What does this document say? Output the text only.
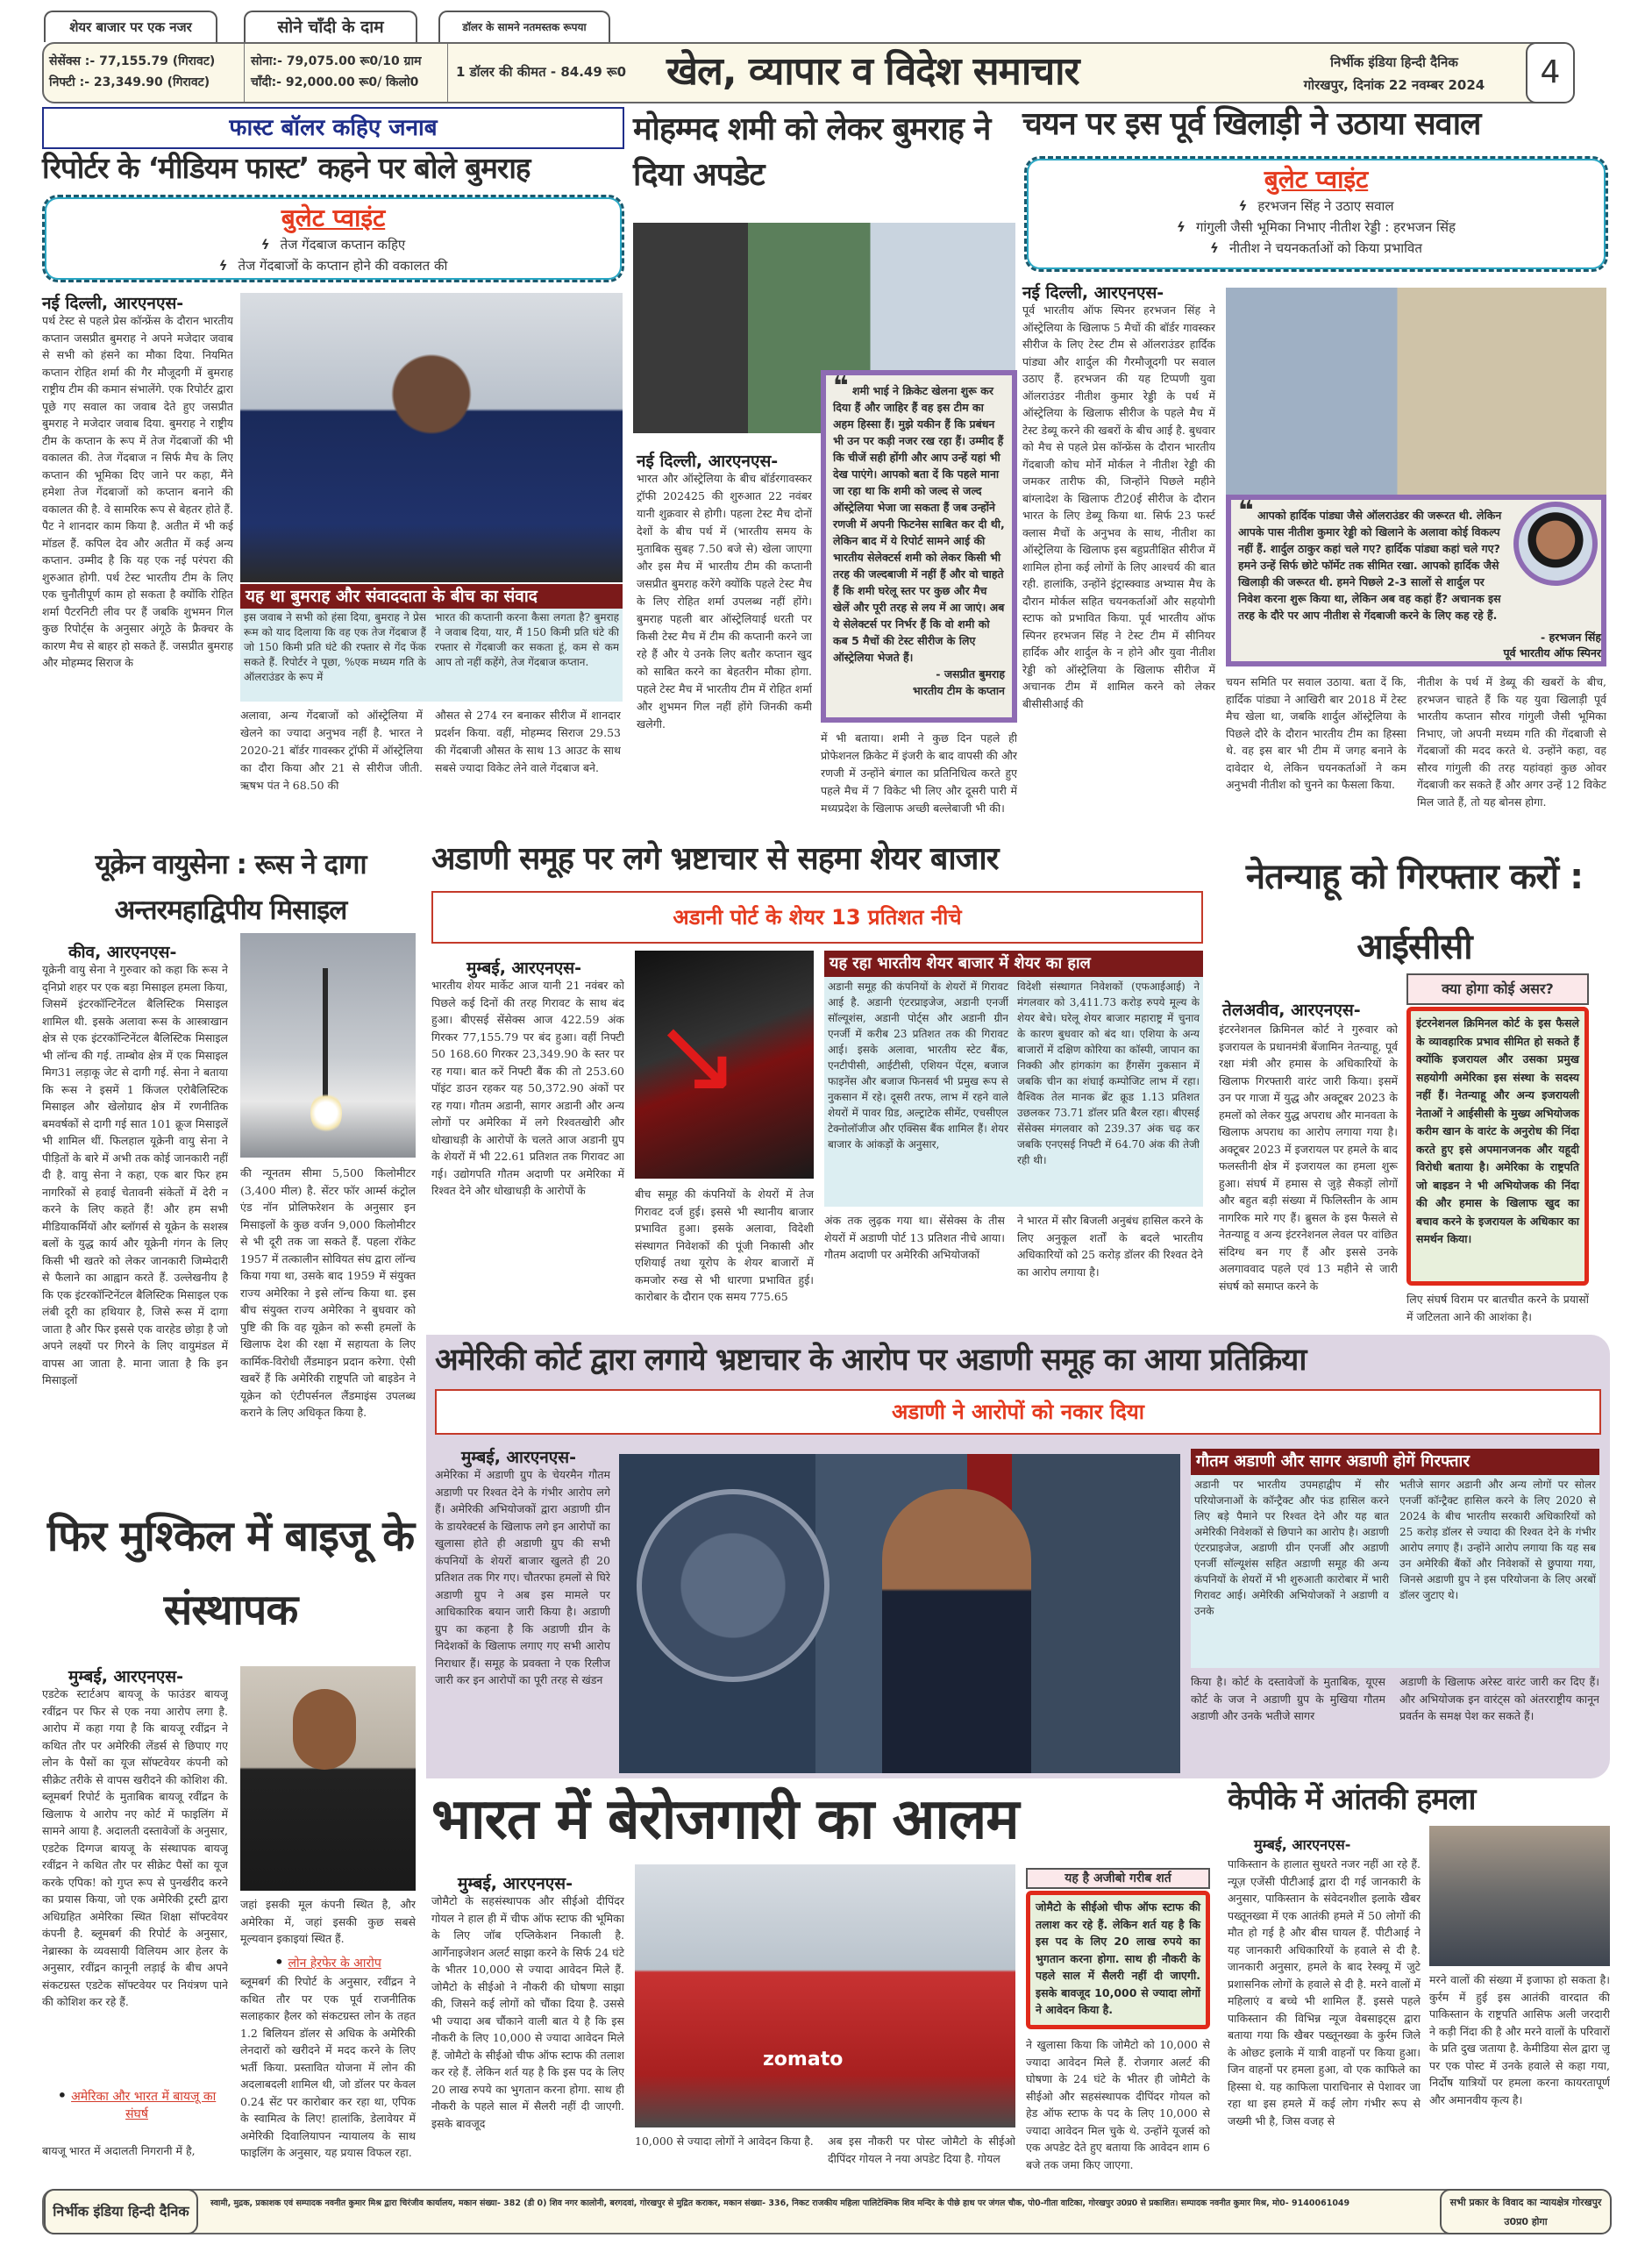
शेयर बाजार पर एक नजर	सोने चाँदी के दाम	डॉलर के सामने नतमस्तक रूपया
सेसेंक्स :- 77,155.79 (गिरावट)
निफ्टी :- 23,349.90 (गिरावट)
सोना:- 79,075.00 रू0/10 ग्राम
चाँदी:- 92,000.00 रू0/ किलो0
1 डॉलर की कीमत - 84.49 रू0 खेल, व्यापार व विदेश समाचार	निर्भीक इंडिया हिन्दी दैनिक
गोरखपुर, दिनांक 22 नवम्बर 2024	4
फास्ट बॉलर कहिए जनाब
रिपोर्टर के ‘मीडियम फास्ट’ कहने पर बोले बुमराह
बुलेट प्वाइंट
ϟ तेज गेंदबाज कप्तान कहिए
ϟ तेज गेंदबाजों के कप्तान होने की वकालत की
नई दिल्ली, आरएनएस-
पर्थ टेस्ट से पहले प्रेस कॉन्फ्रेंस के दौरान भारतीय कप्तान जसप्रीत बुमराह ने अपने मजेदार जवाब से सभी को हंसने का मौका दिया. नियमित कप्तान रोहित शर्मा की गैर मौजूदगी में बुमराह राष्ट्रीय टीम की कमान संभालेंगे. एक रिपोर्टर द्वारा पूछे गए सवाल का जवाब देते हुए जसप्रीत बुमराह ने मजेदार जवाब दिया. बुमराह ने राष्ट्रीय टीम के कप्तान के रूप में तेज गेंदबाजों की भी वकालत की. तेज गेंदबाज न सिर्फ मैच के लिए कप्तान की भूमिका दिए जाने पर कहा, मैंने हमेशा तेज गेंदबाजों को कप्तान बनाने की वकालत की है. वे सामरिक रूप से बेहतर होते हैं. पैट ने शानदार काम किया है. अतीत में भी कई मॉडल हैं. कपिल देव और अतीत में कई अन्य कप्तान. उम्मीद है कि यह एक नई परंपरा की शुरुआत होगी. पर्थ टेस्ट भारतीय टीम के लिए एक चुनौतीपूर्ण काम हो सकता है क्योंकि रोहित शर्मा पैटरनिटी लीव पर हैं जबकि शुभमन गिल कुछ रिपोर्ट्स के अनुसार अंगूठे के फ्रैक्चर के कारण मैच से बाहर हो सकते हैं. जसप्रीत बुमराह और मोहम्मद सिराज के
यह था बुमराह और संवाददाता के बीच का संवाद
इस जवाब ने सभी को हंसा दिया, बुमराह ने प्रेस रूम को याद दिलाया कि वह एक तेज गेंदबाज हैं जो 150 किमी प्रति घंटे की रफ्तार से गेंद फेंक सकते हैं. रिपोर्टर ने पूछा, %एक मध्यम गति के ऑलराउंडर के रूप में
भारत की कप्तानी करना कैसा लगता है? बुमराह ने जवाब दिया, यार, मैं 150 किमी प्रति घंटे की रफ्तार से गेंदबाजी कर सकता हूं, कम से कम आप तो नहीं कहेंगे, तेज गेंदबाज कप्तान.
अलावा, अन्य गेंदबाजों को ऑस्ट्रेलिया में खेलने का ज्यादा अनुभव नहीं है. भारत ने 2020-21 बॉर्डर गावस्कर ट्रॉफी में ऑस्ट्रेलिया का दौरा किया और 21 से सीरीज जीती. ऋषभ पंत ने 68.50 की
औसत से 274 रन बनाकर सीरीज में शानदार प्रदर्शन किया. वहीं, मोहम्मद सिराज 29.53 की गेंदबाजी औसत के साथ 13 आउट के साथ सबसे ज्यादा विकेट लेने वाले गेंदबाज बने.
मोहम्मद शमी को लेकर बुमराह ने दिया अपडेट
नई दिल्ली, आरएनएस-
भारत और ऑस्ट्रेलिया के बीच बॉर्डरगावस्कर ट्रॉफी 202425 की शुरुआत 22 नवंबर यानी शुक्रवार से होगी। पहला टेस्ट मैच दोनों देशों के बीच पर्थ में (भारतीय समय के मुताबिक सुबह 7.50 बजे से) खेला जाएगा और इस मैच में भारतीय टीम की कप्तानी जसप्रीत बुमराह करेंगे क्योंकि पहले टेस्ट मैच के लिए रोहित शर्मा उपलब्ध नहीं होंगे। बुमराह पहली बार ऑस्ट्रेलियाई धरती पर किसी टेस्ट मैच में टीम की कप्तानी करने जा रहे हैं और ये उनके लिए बतौर कप्तान खुद को साबित करने का बेहतरीन मौका होगा. पहले टेस्ट मैच में भारतीय टीम में रोहित शर्मा और शुभमन गिल नहीं होंगे जिनकी कमी खलेगी.
❝ शमी भाई ने क्रिकेट खेलना शुरू कर दिया हैं और जाहिर हैं वह इस टीम का अहम हिस्सा हैं। मुझे यकीन हैं कि प्रबंधन भी उन पर कड़ी नजर रख रहा हैं। उम्मीद हैं कि चीजें सही होंगी और आप उन्हें यहां भी देख पाएंगे। आपको बता दें कि पहले माना जा रहा था कि शमी को जल्द से जल्द ऑस्ट्रेलिया भेजा जा सकता हैं जब उन्होंने रणजी में अपनी फिटनेस साबित कर दी थी, लेकिन बाद में ये रिपोर्ट सामने आई की भारतीय सेलेक्टर्स शमी को लेकर किसी भी तरह की जल्दबाजी में नहीं हैं और वो चाहते हैं कि शमी घरेलू स्तर पर कुछ और मैच खेलें और पूरी तरह से लय में आ जाएं। अब ये सेलेक्टर्स पर निर्भर हैं कि वो शमी को कब 5 मैचों की टेस्ट सीरीज के लिए ऑस्ट्रेलिया भेजते हैं।
- जसप्रीत बुमराह
भारतीय टीम के कप्तान
में भी बताया। शमी ने कुछ दिन पहले ही प्रोफेशनल क्रिकेट में इंजरी के बाद वापसी की और रणजी में उन्होंने बंगाल का प्रतिनिधित्व करते हुए पहले मैच में 7 विकेट भी लिए और दूसरी पारी में मध्यप्रदेश के खिलाफ अच्छी बल्लेबाजी भी की।
चयन पर इस पूर्व खिलाड़ी ने उठाया सवाल
बुलेट प्वाइंट
ϟ हरभजन सिंह ने उठाए सवाल
ϟ गांगुली जैसी भूमिका निभाए नीतीश रेड्डी : हरभजन सिंह
ϟ नीतीश ने चयनकर्ताओं को किया प्रभावित
नई दिल्ली, आरएनएस-
पूर्व भारतीय ऑफ स्पिनर हरभजन सिंह ने ऑस्ट्रेलिया के खिलाफ 5 मैचों की बॉर्डर गावस्कर सीरीज के लिए टेस्ट टीम से ऑलराउंडर हार्दिक पांड्या और शार्दुल की गैरमौजूदगी पर सवाल उठाए हैं. हरभजन की यह टिप्पणी युवा ऑलराउंडर नीतीश कुमार रेड्डी के पर्थ में ऑस्ट्रेलिया के खिलाफ सीरीज के पहले मैच में टेस्ट डेब्यू करने की खबरों के बीच आई है. बुधवार को मैच से पहले प्रेस कॉन्फ्रेंस के दौरान भारतीय गेंदबाजी कोच मोर्ने मोर्कल ने नीतीश रेड्डी की जमकर तारीफ की, जिन्होंने पिछले महीने बांग्लादेश के खिलाफ टी20ई सीरीज के दौरान भारत के लिए डेब्यू किया था. सिर्फ 23 फर्स्ट क्लास मैचों के अनुभव के साथ, नीतीश का ऑस्ट्रेलिया के खिलाफ इस बहुप्रतीक्षित सीरीज में शामिल होना कई लोगों के लिए आश्चर्य की बात रही. हालांकि, उन्होंने इंट्रास्क्वाड अभ्यास मैच के दौरान मोर्कल सहित चयनकर्ताओं और सहयोगी स्टाफ को प्रभावित किया. पूर्व भारतीय ऑफ स्पिनर हरभजन सिंह ने टेस्ट टीम में सीनियर हार्दिक और शार्दुल के न होने और युवा नीतीश रेड्डी को ऑस्ट्रेलिया के खिलाफ सीरीज में अचानक टीम में शामिल करने को लेकर बीसीसीआई की
❝ आपको हार्दिक पांड्या जैसे ऑलराउंडर की जरूरत थी. लेकिन आपके पास नीतीश कुमार रेड्डी को खिलाने के अलावा कोई विकल्प नहीं हैं. शार्दुल ठाकुर कहां चले गए? हार्दिक पांड्या कहां चले गए? हमने उन्हें सिर्फ छोटे फॉर्मेट तक सीमित रखा. आपको हार्दिक जैसे खिलाड़ी की जरूरत थी. हमने पिछले 2-3 सालों से शार्दुल पर निवेश करना शुरू किया था, लेकिन अब वह कहां हैं? अचानक इस तरह के दौरे पर आप नीतीश से गेंदबाजी करने के लिए कह रहे हैं.
- हरभजन सिंह
पूर्व भारतीय ऑफ स्पिनर
चयन समिति पर सवाल उठाया. बता दें कि, हार्दिक पांड्या ने आखिरी बार 2018 में टेस्ट मैच खेला था, जबकि शार्दुल ऑस्ट्रेलिया के पिछले दौरे के दौरान भारतीय टीम का हिस्सा थे. वह इस बार भी टीम में जगह बनाने के दावेदार थे, लेकिन चयनकर्ताओं ने कम अनुभवी नीतीश को चुनने का फैसला किया.
नीतीश के पर्थ में डेब्यू की खबरों के बीच, हरभजन चाहते हैं कि यह युवा खिलाड़ी पूर्व भारतीय कप्तान सौरव गांगुली जैसी भूमिका निभाए, जो अपनी मध्यम गति की गेंदबाजी से गेंदबाजों की मदद करते थे. उन्होंने कहा, वह सौरव गांगुली की तरह यहांवहां कुछ ओवर गेंदबाजी कर सकते हैं और अगर उन्हें 12 विकेट मिल जाते हैं, तो यह बोनस होगा.
यूक्रेन वायुसेना : रूस ने दागा अन्तरमहाद्विपीय मिसाइल
कीव, आरएनएस-
यूक्रेनी वायु सेना ने गुरुवार को कहा कि रूस ने द्निप्रो शहर पर एक बड़ा मिसाइल हमला किया, जिसमें इंटरकॉन्टिनेंटल बैलिस्टिक मिसाइल शामिल थी. इसके अलावा रूस के आस्त्राखान क्षेत्र से एक इंटरकॉन्टिनेंटल बैलिस्टिक मिसाइल भी लॉन्च की गई. ताम्बोव क्षेत्र में एक मिसाइल मिग31 लड़ाकू जेट से दागी गई. सेना ने बताया कि रूस ने इसमें 1 किंजल एरोबैलिस्टिक मिसाइल और खेलोग्राद क्षेत्र में रणनीतिक बमवर्षकों से दागी गई सात 101 क्रूज मिसाइलें भी शामिल थीं. फिलहाल यूक्रेनी वायु सेना ने पीड़ितों के बारे में अभी तक कोई जानकारी नहीं दी है. वायु सेना ने कहा, एक बार फिर हम नागरिकों से हवाई चेतावनी संकेतों में देरी न करने के लिए कहते हैं! और हम सभी मीडियाकर्मियों और ब्लॉगर्स से यूक्रेन के सशस्त्र बलों के युद्ध कार्य और यूक्रेनी गंगन के लिए किसी भी खतरे को लेकर जानकारी जिम्मेदारी से फैलाने का आह्वान करते हैं. उल्लेखनीय है कि एक इंटरकॉन्टिनेंटल बैलिस्टिक मिसाइल एक लंबी दूरी का हथियार है, जिसे रूस में दागा जाता है और फिर इससे एक वारहेड छोड़ा है जो अपने लक्ष्यों पर गिरने के लिए वायुमंडल में वापस आ जाता है. माना जाता है कि इन मिसाइलों
की न्यूनतम सीमा 5,500 किलोमीटर (3,400 मील) है. सेंटर फॉर आर्म्स कंट्रोल एंड नॉन प्रोलिफरेशन के अनुसार इन मिसाइलों के कुछ वर्जन 9,000 किलोमीटर से भी दूरी तक जा सकते हैं. पहला रॉकेट 1957 में तत्कालीन सोवियत संघ द्वारा लॉन्च किया गया था, उसके बाद 1959 में संयुक्त राज्य अमेरिका ने इसे लॉन्च किया था. इस बीच संयुक्त राज्य अमेरिका ने बुधवार को पुष्टि की कि वह यूक्रेन को रूसी हमलों के खिलाफ देश की रक्षा में सहायता के लिए कार्मिक-विरोधी लैंडमाइन प्रदान करेगा. ऐसी खबरें हैं कि अमेरिकी राष्ट्रपति जो बाइडेन ने यूक्रेन को एंटीपर्सनल लैंडमाइंस उपलब्ध कराने के लिए अधिकृत किया है.
अडाणी समूह पर लगे भ्रष्टाचार से सहमा शेयर बाजार
अडानी पोर्ट के शेयर 13 प्रतिशत नीचे
मुम्बई, आरएनएस-
भारतीय शेयर मार्केट आज यानी 21 नवंबर को पिछले कई दिनों की तरह गिरावट के साथ बंद हुआ। बीएसई सेंसेक्स आज 422.59 अंक गिरकर 77,155.79 पर बंद हुआ। वहीं निफ्टी 50 168.60 गिरकर 23,349.90 के स्तर पर रह गया। बात करें निफ्टी बैंक की तो 253.60 पॉइंट डाउन रहकर यह 50,372.90 अंकों पर रह गया। गौतम अडानी, सागर अडानी और अन्य लोगों पर अमेरिका में लगे रिश्वतखोरी और धोखाधड़ी के आरोपों के चलते आज अडानी ग्रुप के शेयरों में भी 22.61 प्रतिशत तक गिरावट आ गई। उद्योगपति गौतम अदाणी पर अमेरिका में रिश्वत देने और धोखाधड़ी के आरोपों के
↘
बीच समूह की कंपनियों के शेयरों में तेज गिरावट दर्ज हुई। इससे भी स्थानीय बाजार प्रभावित हुआ। इसके अलावा, विदेशी संस्थागत निवेशकों की पूंजी निकासी और एशियाई तथा यूरोप के शेयर बाजारों में कमजोर रुख से भी धारणा प्रभावित हुई। कारोबार के दौरान एक समय 775.65
यह रहा भारतीय शेयर बाजार में शेयर का हाल
अडानी समूह की कंपनियों के शेयरों में गिरावट आई है. अडानी एंटरप्राइजेज, अडानी एनर्जी सॉल्यूशंस, अडानी पोर्ट्स और अडानी ग्रीन एनर्जी में करीब 23 प्रतिशत तक की गिरावट आई। इसके अलावा, भारतीय स्टेट बैंक, एनटीपीसी, आईटीसी, एशियन पेंट्स, बजाज फाइनेंस और बजाज फिनसर्व भी प्रमुख रूप से नुकसान में रहे। दूसरी तरफ, लाभ में रहने वाले शेयरों में पावर ग्रिड, अल्ट्राटेक सीमेंट, एचसीएल टेक्नोलॉजीज और एक्सिस बैंक शामिल हैं। शेयर बाजार के आंकड़ों के अनुसार,
विदेशी संस्थागत निवेशकों (एफआईआई) ने मंगलवार को 3,411.73 करोड़ रुपये मूल्य के शेयर बेचे। घरेलू शेयर बाजार महाराष्ट्र में चुनाव के कारण बुधवार को बंद था। एशिया के अन्य बाजारों में दक्षिण कोरिया का कॉस्पी, जापान का निक्की और हांगकांग का हैंगसेंग नुकसान में जबकि चीन का शंघाई कम्पोजिट लाभ में रहा। वैश्विक तेल मानक ब्रेंट क्रूड 1.13 प्रतिशत उछलकर 73.71 डॉलर प्रति बैरल रहा। बीएसई सेंसेक्स मंगलवार को 239.37 अंक चढ़ कर जबकि एनएसई निफ्टी में 64.70 अंक की तेजी रही थी।
अंक तक लुढ़क गया था। सेंसेक्स के तीस शेयरों में अडाणी पोर्ट 13 प्रतिशत नीचे आया। गौतम अदाणी पर अमेरिकी अभियोजकों
ने भारत में सौर बिजली अनुबंध हासिल करने के लिए अनुकूल शर्तों के बदले भारतीय अधिकारियों को 25 करोड़ डॉलर की रिश्वत देने का आरोप लगाया है।
नेतन्याहू को गिरफ्तार करों : आईसीसी
तेलअवीव, आरएनएस-
इंटरनेशनल क्रिमिनल कोर्ट ने गुरुवार को इजरायल के प्रधानमंत्री बेंजामिन नेतन्याहू, पूर्व रक्षा मंत्री और हमास के अधिकारियों के खिलाफ गिरफ्तारी वारंट जारी किया। इसमें उन पर गाजा में युद्ध और अक्टूबर 2023 के हमलों को लेकर युद्ध अपराध और मानवता के खिलाफ अपराध का आरोप लगाया गया है। अक्टूबर 2023 में इजरायल पर हमले के बाद फलस्तीनी क्षेत्र में इजरायल का हमला शुरू हुआ। संघर्ष में हमास से जुड़े सैकड़ों लोगों और बहुत बड़ी संख्या में फिलिस्तीन के आम नागरिक मारे गए हैं। ब्रुसल के इस फैसले से नेतन्याहू व अन्य इंटरनेशनल लेवल पर वांछित संदिग्ध बन गए हैं और इससे उनके अलगाववाद पहले एवं 13 महीने से जारी संघर्ष को समाप्त करने के
क्या होगा कोई असर?
इंटरनेशनल क्रिमिनल कोर्ट के इस फैसले के व्यावहारिक प्रभाव सीमित हो सकते हैं क्योंकि इजरायल और उसका प्रमुख सहयोगी अमेरिका इस संस्था के सदस्य नहीं हैं। नेतन्याहू और अन्य इजरायली नेताओं ने आईसीसी के मुख्य अभियोजक करीम खान के वारंट के अनुरोध की निंदा करते हुए इसे अपमानजनक और यहूदी विरोधी बताया है। अमेरिका के राष्ट्रपति जो बाइडन ने भी अभियोजक की निंदा की और हमास के खिलाफ खुद का बचाव करने के इजरायल के अधिकार का समर्थन किया।
लिए संघर्ष विराम पर बातचीत करने के प्रयासों में जटिलता आने की आशंका है।
अमेरिकी कोर्ट द्वारा लगाये भ्रष्टाचार के आरोप पर अडाणी समूह का आया प्रतिक्रिया
अडाणी ने आरोपों को नकार दिया
मुम्बई, आरएनएस-
अमेरिका में अडाणी ग्रुप के चेयरमैन गौतम अडाणी पर रिश्वत देने के गंभीर आरोप लगे हैं। अमेरिकी अभियोजकों द्वारा अडाणी ग्रीन के डायरेक्टर्स के खिलाफ लगे इन आरोपों का खुलासा होते ही अडाणी ग्रुप की सभी कंपनियों के शेयरों बाजार खुलते ही 20 प्रतिशत तक गिर गए। चौतरफा हमलों से घिरे अडाणी ग्रुप ने अब इस मामले पर आधिकारिक बयान जारी किया है। अडाणी ग्रुप का कहना है कि अडाणी ग्रीन के निदेशकों के खिलाफ लगाए गए सभी आरोप निराधार हैं। समूह के प्रवक्ता ने एक रिलीज जारी कर इन आरोपों का पूरी तरह से खंडन
गौतम अडाणी और सागर अडाणी होगें गिरफ्तार
अडानी पर भारतीय उपमहाद्वीप में सौर परियोजनाओं के कॉन्ट्रैक्ट और फंड हासिल करने लिए बड़े पैमाने पर रिश्वत देने और यह बात अमेरिकी निवेशकों से छिपाने का आरोप है। अडाणी एंटरप्राइजेज, अडाणी ग्रीन एनर्जी और अडाणी एनर्जी सॉल्यूशंस सहित अडाणी समूह की अन्य कंपनियों के शेयरों में भी शुरुआती कारोबार में भारी गिरावट आई। अमेरिकी अभियोजकों ने अडाणी व उनके
भतीजे सागर अडानी और अन्य लोगों पर सोलर एनर्जी कॉन्ट्रैक्ट हासिल करने के लिए 2020 से 2024 के बीच भारतीय सरकारी अधिकारियों को 25 करोड़ डॉलर से ज्यादा की रिश्वत देने के गंभीर आरोप लगाए हैं। उन्होंने आरोप लगाया कि यह सब उन अमेरिकी बैंकों और निवेशकों से छुपाया गया, जिनसे अडाणी ग्रुप ने इस परियोजना के लिए अरबों डॉलर जुटाए थे।
किया है। कोर्ट के दस्तावेजों के मुताबिक, यूएस कोर्ट के जज ने अडाणी ग्रुप के मुखिया गौतम अडाणी और उनके भतीजे सागर
अडाणी के खिलाफ अरेस्ट वारंट जारी कर दिए हैं। और अभियोजक इन वारंट्स को अंतरराष्ट्रीय कानून प्रवर्तन के समक्ष पेश कर सकते हैं।
फिर मुश्किल में बाइजू के संस्थापक
मुम्बई, आरएनएस-
एडटेक स्टार्टअप बायजू के फाउंडर बायजू रवींद्रन पर फिर से एक नया आरोप लगा है. आरोप में कहा गया है कि बायजू रवींद्रन ने कथित तौर पर अमेरिकी लेंडर्स से छिपाए गए लोन के पैसों का यूज सॉफ्टवेयर कंपनी को सीक्रेट तरीके से वापस खरीदने की कोशिश की. ब्लूमबर्ग रिपोर्ट के मुताबिक बायजू रवींद्रन के खिलाफ ये आरोप नए कोर्ट में फाइलिंग में सामने आया है. अदालती दस्तावेजों के अनुसार, एडटेक दिग्गज बायजू के संस्थापक बायजू रवींद्रन ने कथित तौर पर सीक्रेट पैसों का यूज करके एपिक! को गुप्त रूप से पुनर्खरीद करने का प्रयास किया, जो एक अमेरिकी ट्रस्टी द्वारा अधिग्रहित अमेरिका स्थित शिक्षा सॉफ्टवेयर कंपनी है. ब्लूमबर्ग की रिपोर्ट के अनुसार, नेब्रास्का के व्यवसायी विलियम आर हेलर के अनुसार, रवींद्रन कानूनी लड़ाई के बीच अपने संकटग्रस्त एडटेक सॉफ्टवेयर पर नियंत्रण पाने की कोशिश कर रहे हैं.
• अमेरिका और भारत में बायजू का संघर्ष
बायजू भारत में अदालती निगरानी में है,
जहां इसकी मूल कंपनी स्थित है, और अमेरिका में, जहां इसकी कुछ सबसे मूल्यवान इकाइयां स्थित हैं.
• लोन हेरफेर के आरोप
ब्लूमबर्ग की रिपोर्ट के अनुसार, रवींद्रन ने कथित तौर पर एक पूर्व राजनीतिक सलाहकार हैलर को संकटग्रस्त लोन के तहत 1.2 बिलियन डॉलर से अधिक के अमेरिकी लेनदारों को खरीदने में मदद करने के लिए भर्ती किया. प्रस्तावित योजना में लोन की अदलाबदली शामिल थी, जो डॉलर पर केवल 0.24 सेंट पर कारोबार कर रहा था, एपिक के स्वामित्व के लिए! हालांकि, डेलावेयर में अमेरिकी दिवालियापन न्यायालय के साथ फाइलिंग के अनुसार, यह प्रयास विफल रहा.
भारत में बेरोजगारी का आलम
मुम्बई, आरएनएस-
जोमैटो के सहसंस्थापक और सीईओ दीपिंदर गोयल ने हाल ही में चीफ ऑफ स्टाफ की भूमिका के लिए जॉब एप्लिकेशन निकाली है. आर्गेनाइजेशन अलर्ट साझा करने के सिर्फ 24 घंटे के भीतर 10,000 से ज्यादा आवेदन मिले हैं. जोमैटो के सीईओ ने नौकरी की घोषणा साझा की, जिसने कई लोगों को चौंका दिया है. उससे भी ज्यादा अब चौंकाने वाली बात ये है कि इस नौकरी के लिए 10,000 से ज्यादा आवेदन मिले हैं. जोमैटो के सीईओ चीफ ऑफ स्टाफ की तलाश कर रहे हैं. लेकिन शर्त यह है कि इस पद के लिए 20 लाख रुपये का भुगतान करना होगा. साथ ही नौकरी के पहले साल में सैलरी नहीं दी जाएगी. इसके बावजूद
zomato
10,000 से ज्यादा लोगों ने आवेदन किया है. अब इस नौकरी पर पोस्ट जोमैटो के सीईओ दीपिंदर गोयल ने नया अपडेट दिया है. गोयल
यह है अजीबो गरीब शर्त
जोमैटो के सीईओ चीफ ऑफ स्टाफ की तलाश कर रहे हैं. लेकिन शर्त यह है कि इस पद के लिए 20 लाख रुपये का भुगतान करना होगा. साथ ही नौकरी के पहले साल में सैलरी नहीं दी जाएगी. इसके बावजूद 10,000 से ज्यादा लोगों ने आवेदन किया है.
ने खुलासा किया कि जोमैटो को 10,000 से ज्यादा आवेदन मिले हैं. रोजगार अलर्ट की घोषणा के 24 घंटे के भीतर ही जोमैटो के सीईओ और सहसंस्थापक दीपिंदर गोयल को हेड ऑफ स्टाफ के पद के लिए 10,000 से ज्यादा आवेदन मिल चुके थे. उन्होंने यूजर्स को एक अपडेट देते हुए बताया कि आवेदन शाम 6 बजे तक जमा किए जाएगा.
केपीके में आंतकी हमला
मुम्बई, आरएनएस-
पाकिस्तान के हालात सुधरते नजर नहीं आ रहे हैं. न्यूज़ एजेंसी पीटीआई द्वारा दी गई जानकारी के अनुसार, पाकिस्तान के संवेदनशील इलाके खैबर पख्तूनख्वा में एक आतंकी हमले में 50 लोगों की मौत हो गई है और बीस घायल हैं. पीटीआई ने यह जानकारी अधिकारियों के हवाले से दी है. जानकारी अनुसार, हमले के बाद रेस्क्यू में जुटे प्रशासनिक लोगों के हवाले से दी है. मरने वालों में महिलाएं व बच्चे भी शामिल हैं. इससे पहले पाकिस्तान की विभिन्न न्यूज वेबसाइट्स द्वारा बताया गया कि खैबर पख्तूनख्वा के कुर्रम जिले के ओछट इलाके में यात्री वाहनों पर किया हुआ। जिन वाहनों पर हमला हुआ, वो एक काफिले का हिस्सा थे. यह काफिला पाराचिनार से पेशावर जा रहा था इस हमले में कई लोग गंभीर रूप से जख्मी भी है, जिस वजह से
मरने वालों की संख्या में इजाफा हो सकता है। कुर्रम में हुई इस आतंकी वारदात की पाकिस्तान के राष्ट्रपति आसिफ अली जरदारी ने कड़ी निंदा की है और मरने वालों के परिवारों के प्रति दुख जताया है. केमीडिया सेल द्वारा ज़ू पर एक पोस्ट में उनके हवाले से कहा गया, निर्दोष यात्रियों पर हमला करना कायरतापूर्ण और अमानवीय कृत्य है।
निर्भीक इंडिया हिन्दी दैनिक	स्वामी, मुद्रक, प्रकाशक एवं सम्पादक नवनीत कुमार मिश्र द्वारा चिरंजीव कार्यालय, मकान संख्या- 382 (डी 0) शिव नगर कालोनी, बरगदवां, गोरखपुर से मुद्रित कराकर, मकान संख्या- 336, निकट राजकीय महिला पालिटेक्निक शिव मन्दिर के पीछे हाथ पर जंगल चौक, पो0-गीता वाटिका, गोरखपुर उ0प्र0 से प्रकाशित। सम्पादक नवनीत कुमार मिश्र, मो0- 9140061049	सभी प्रकार के विवाद का न्यायक्षेत्र गोरखपुर उ0प्र0 होगा
